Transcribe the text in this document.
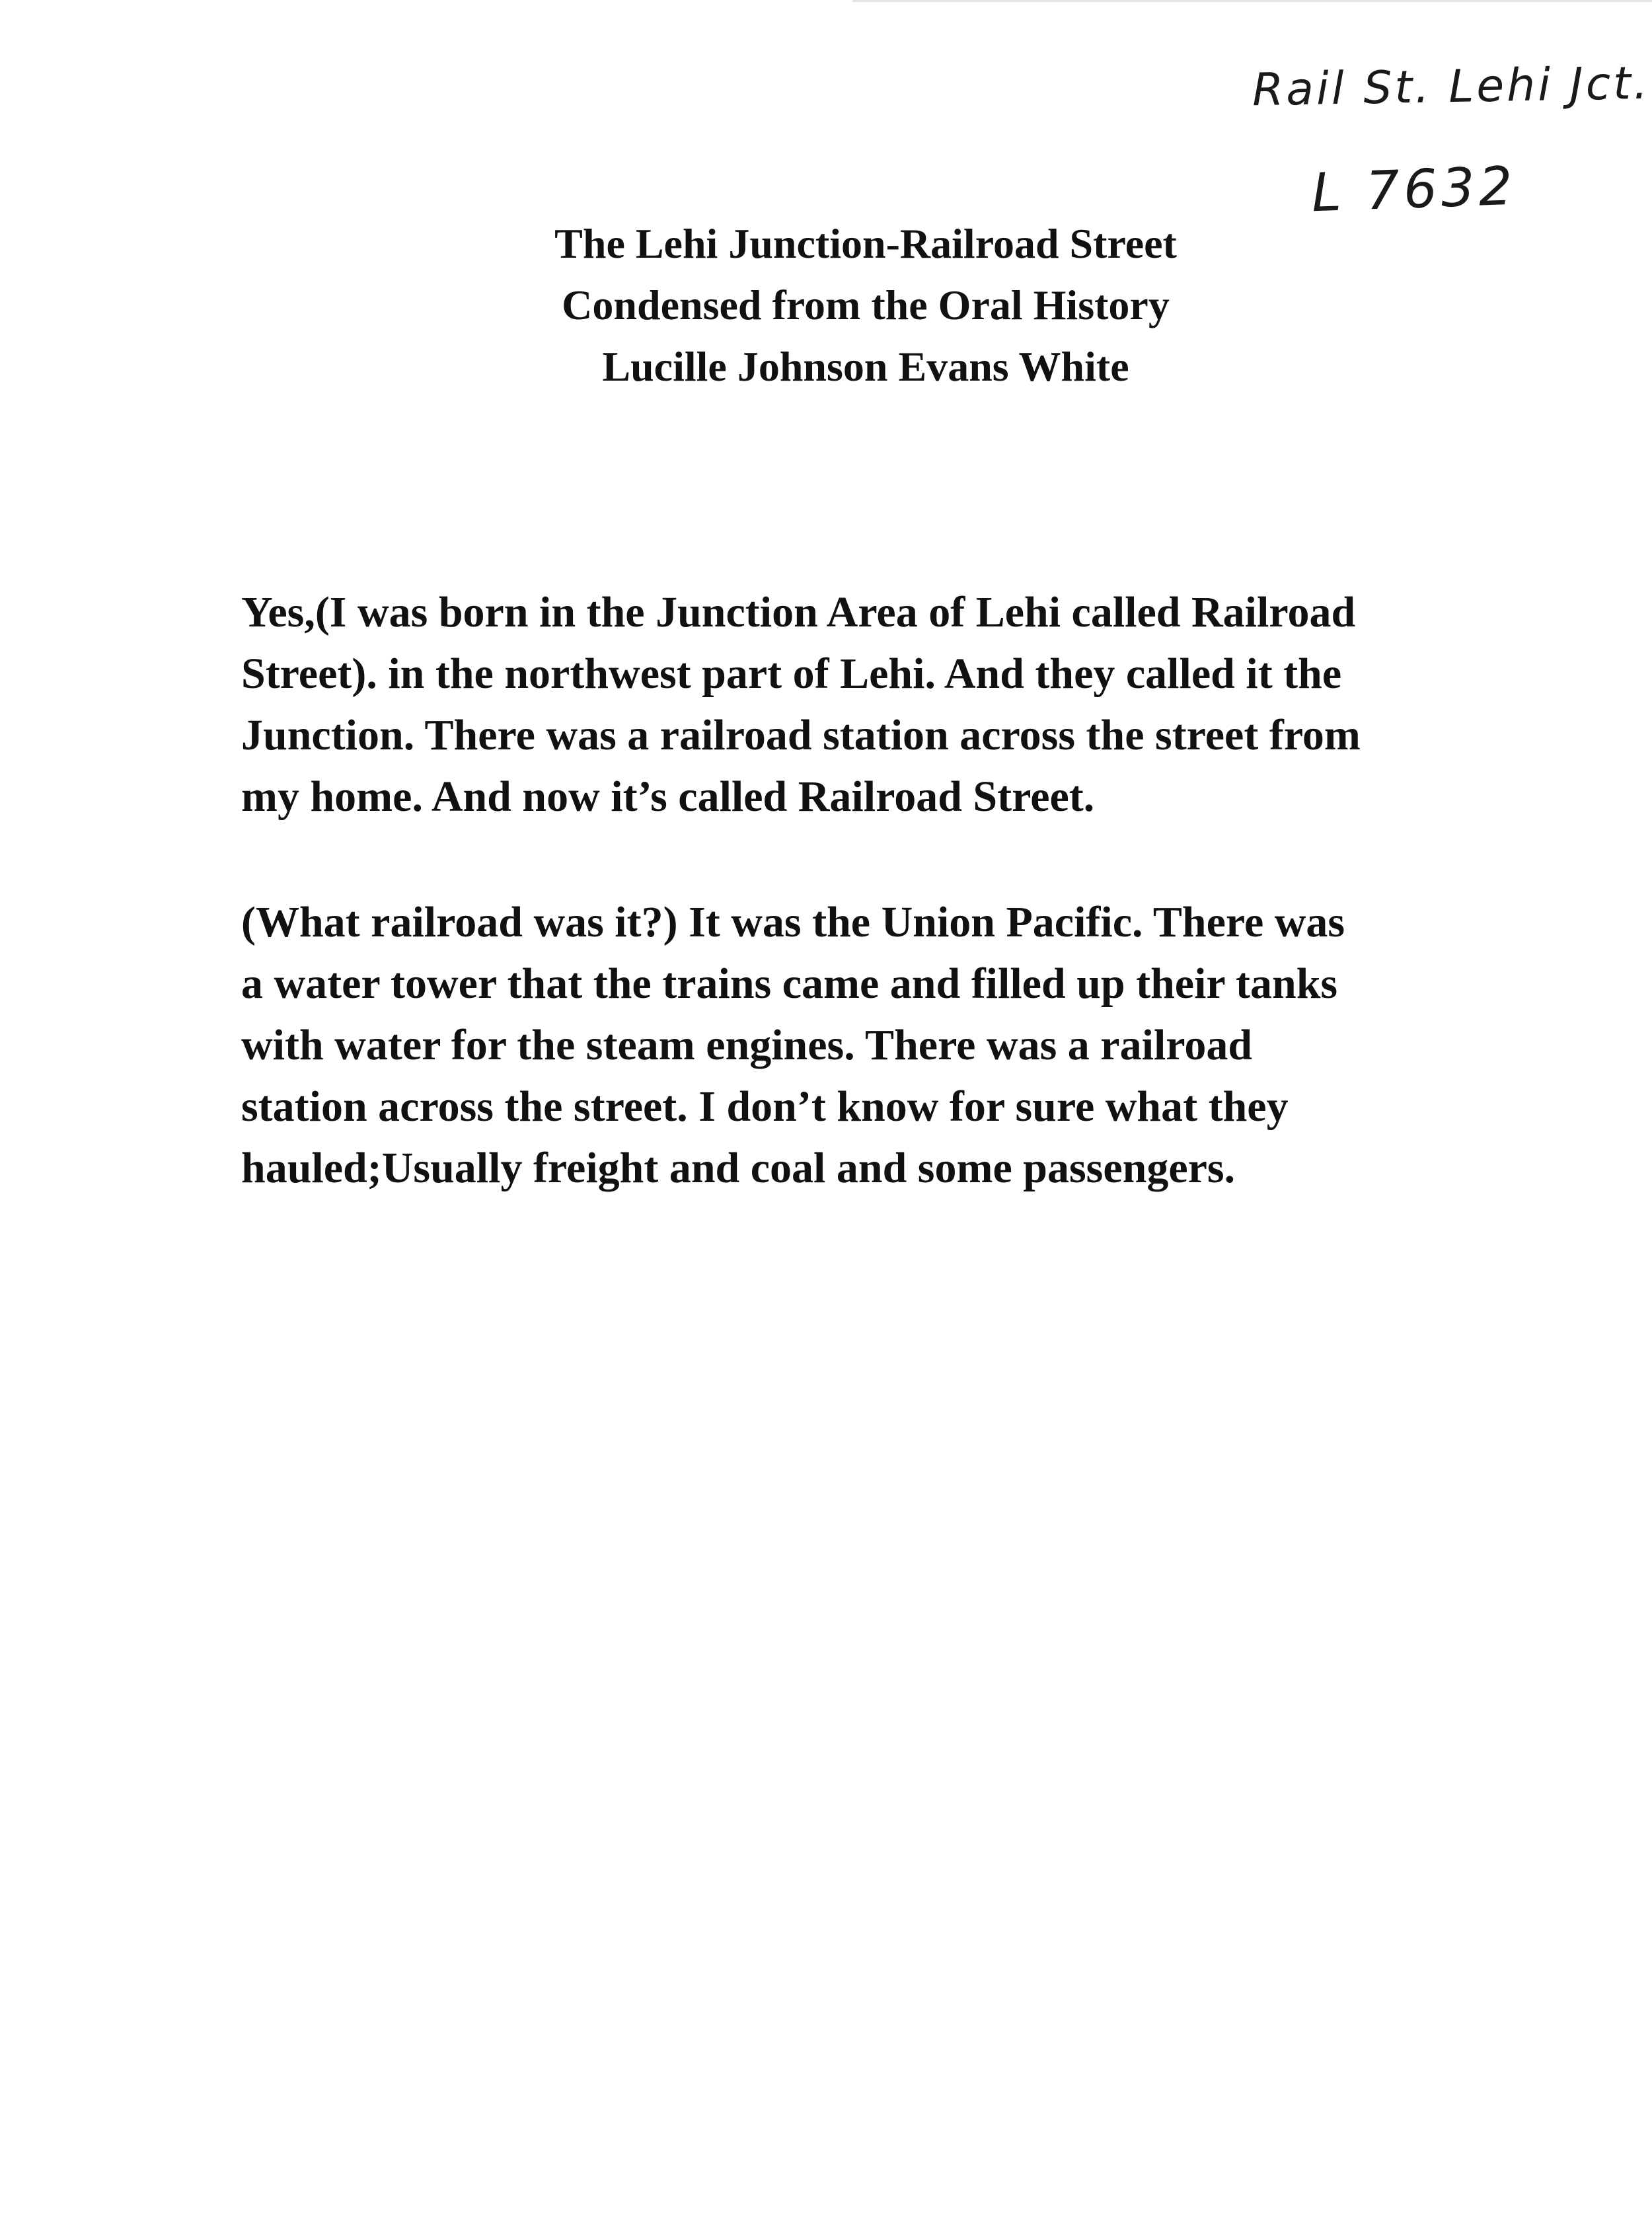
Rail St. Lehi Jct.
L 7632
The Lehi Junction-Railroad Street
Condensed from the Oral History
Lucille Johnson Evans White
Yes,(I was born in the Junction Area of Lehi called Railroad
Street). in the northwest part of Lehi. And they called it the
Junction. There was a railroad station across the street from
my home. And now it’s called Railroad Street.
(What railroad was it?) It was the Union Pacific. There was
a water tower that the trains came and filled up their tanks
with water for the steam engines. There was a railroad
station across the street. I don’t know for sure what they
hauled;Usually freight and coal and some passengers.
